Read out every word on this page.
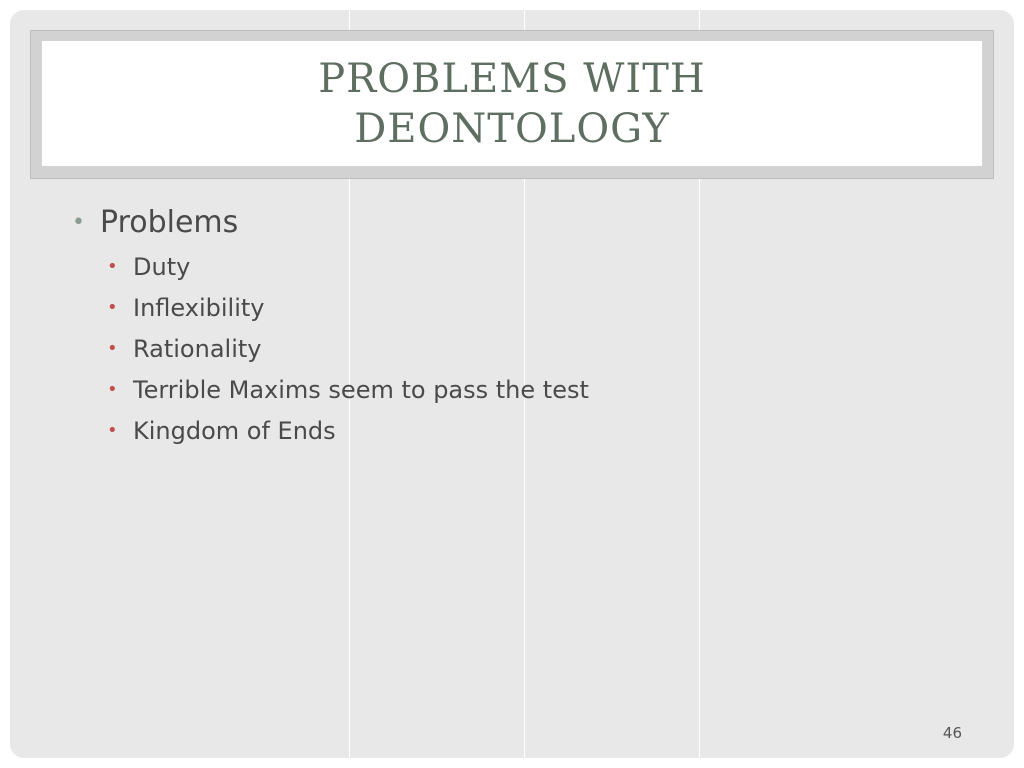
PROBLEMS WITH
DEONTOLOGY
• Problems
• Duty
• Inflexibility
• Rationality
• Terrible Maxims seem to pass the test
• Kingdom of Ends
46
